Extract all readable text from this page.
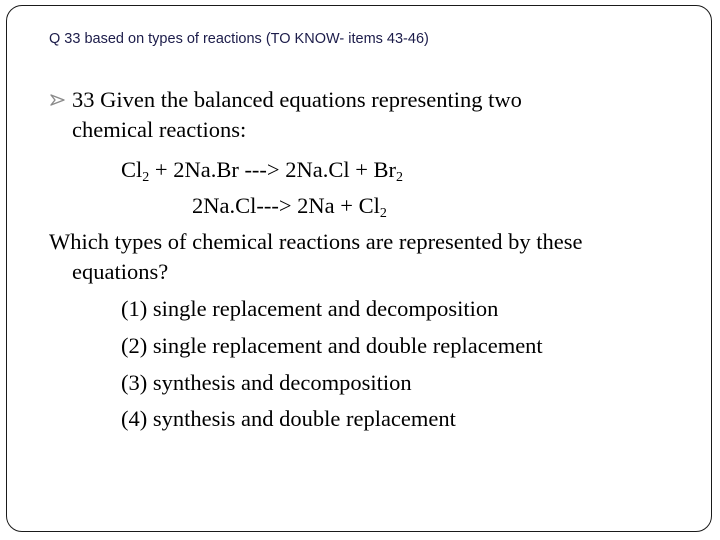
Q 33 based on types of reactions (TO KNOW- items 43-46)
33 Given the balanced equations representing two
chemical reactions:
$Cl_2 + 2Na.Br$ ---> $2Na.Cl + Br_2$
$2Na.Cl---> 2Na + Cl_2$
Which types of chemical reactions are represented by these
equations?
(1) single replacement and decomposition
(2) single replacement and double replacement
(3) synthesis and decomposition
(4) synthesis and double replacement
